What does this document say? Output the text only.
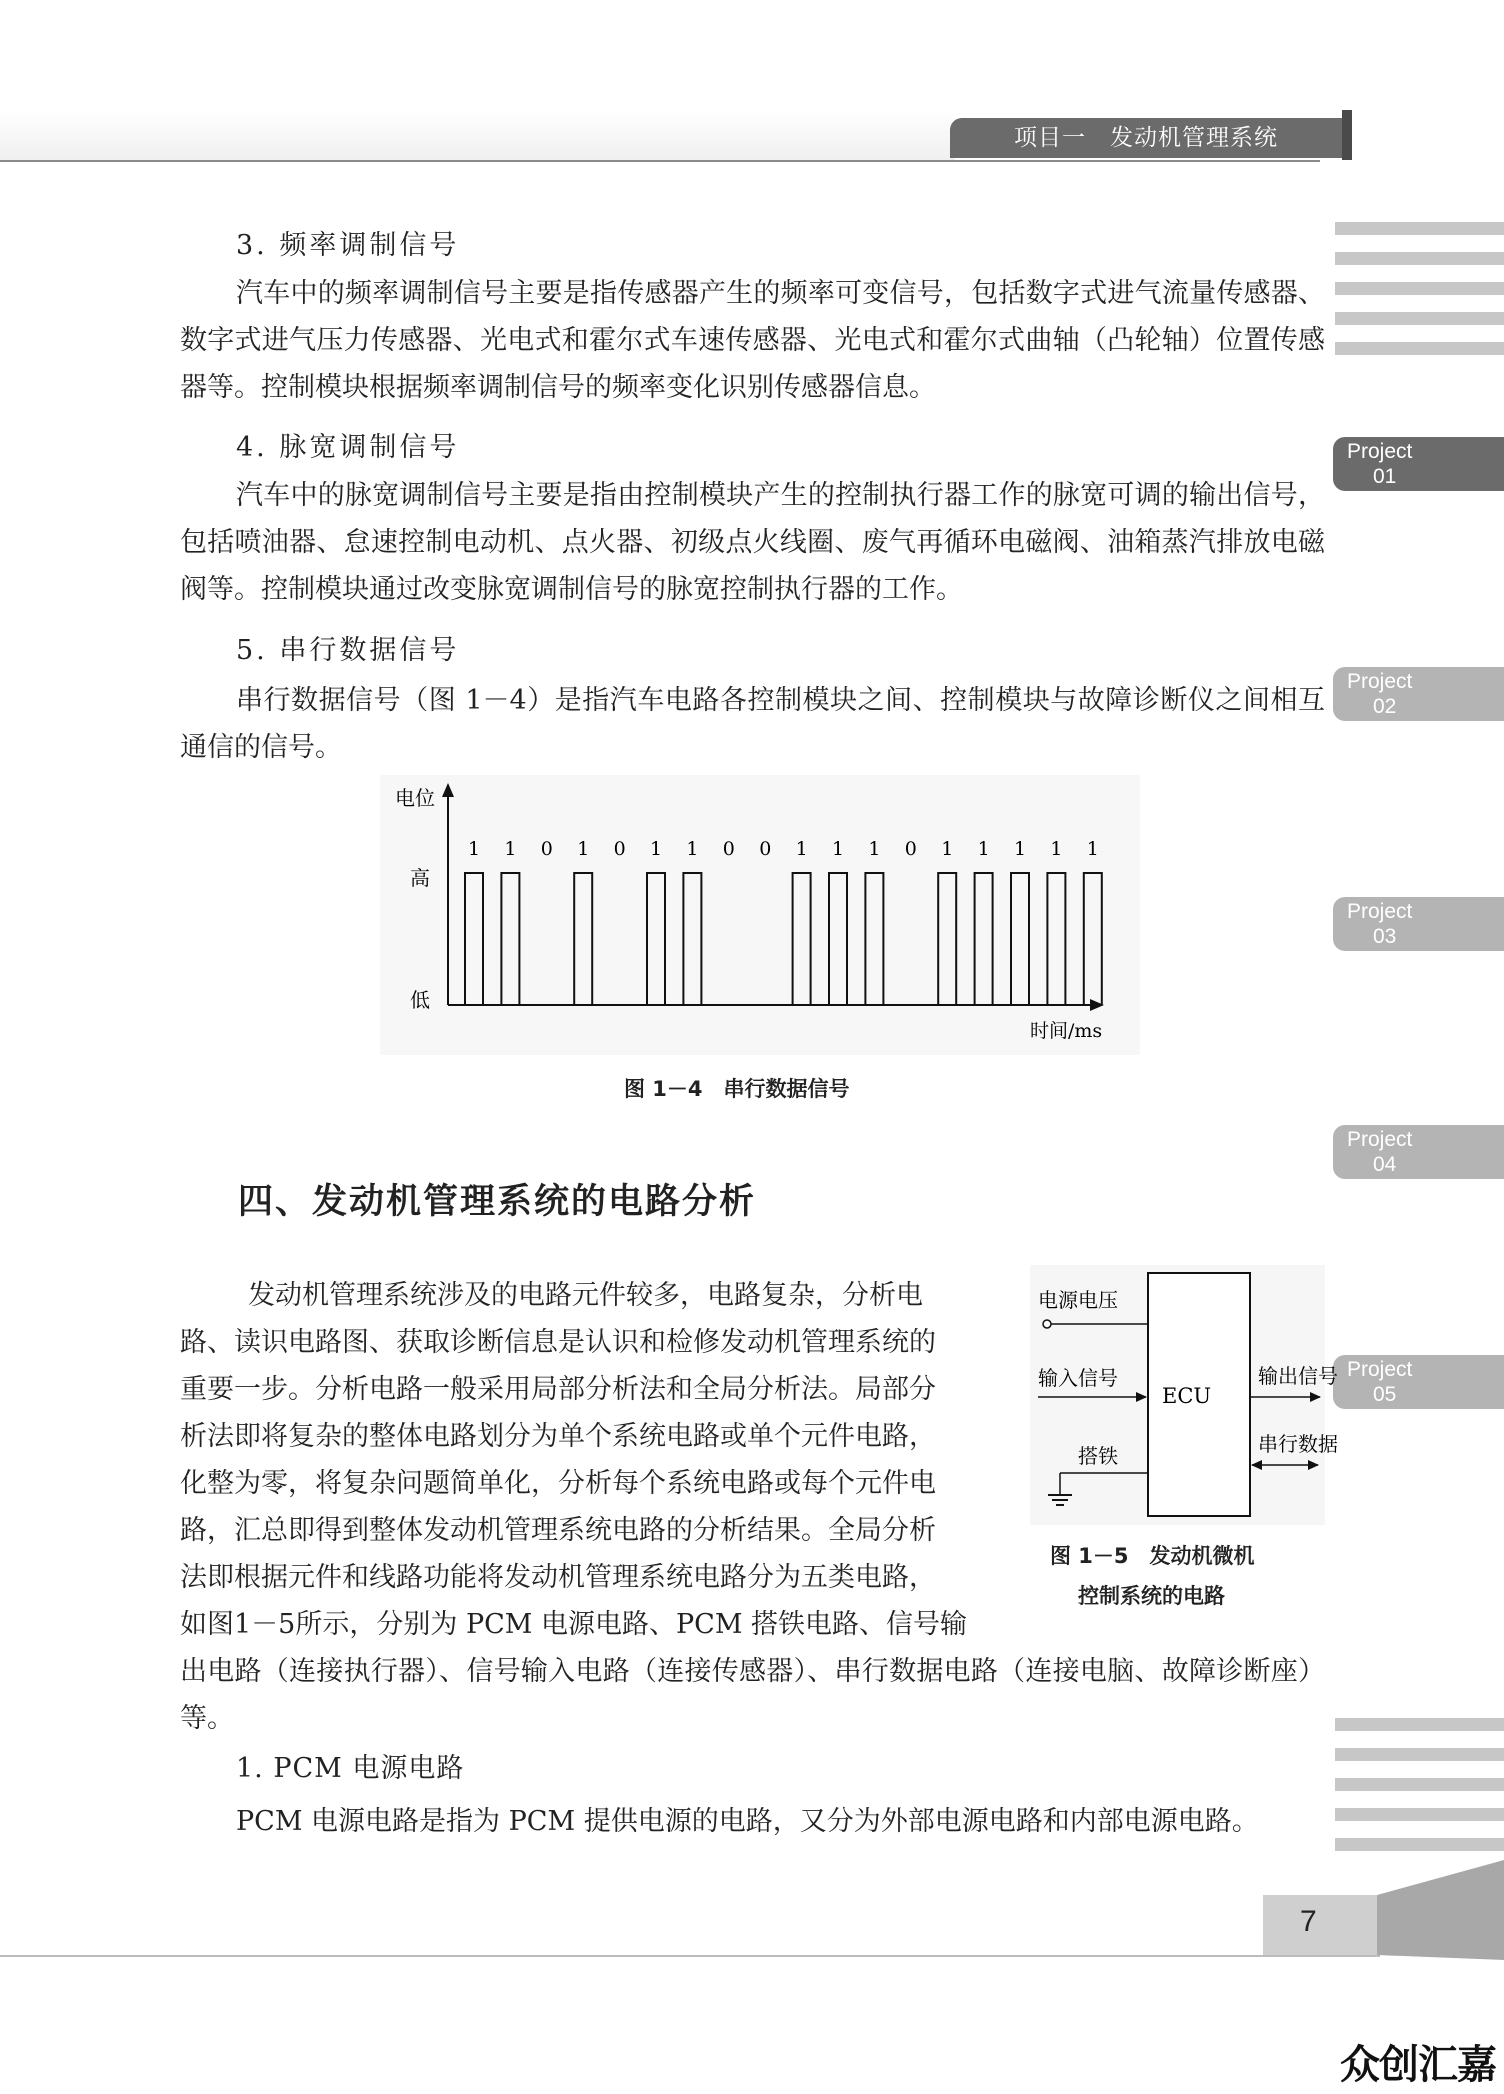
项目一　发动机管理系统
Project
01
Project
02
Project
03
Project
04
Project
05
3. 频率调制信号

汽车中的频率调制信号主要是指传感器产生的频率可变信号，包括数字式进气流量传感器、数字式进气压力传感器、光电式和霍尔式车速传感器、光电式和霍尔式曲轴（凸轮轴）位置传感器等。控制模块根据频率调制信号的频率变化识别传感器信息。

4. 脉宽调制信号

汽车中的脉宽调制信号主要是指由控制模块产生的控制执行器工作的脉宽可调的输出信号，包括喷油器、怠速控制电动机、点火器、初级点火线圈、废气再循环电磁阀、油箱蒸汽排放电磁阀等。控制模块通过改变脉宽调制信号的脉宽控制执行器的工作。

5. 串行数据信号

串行数据信号（图 1－4）是指汽车电路各控制模块之间、控制模块与故障诊断仪之间相互通信的信号。

电位
高
低
时间/ms
1 1 0 1 0 1 1 0 0 1 1 1 0 1 1 1 1 1
图 1－4　串行数据信号
四、发动机管理系统的电路分析
发动机管理系统涉及的电路元件较多，电路复杂，分析电
路、读识电路图、获取诊断信息是认识和检修发动机管理系统的
重要一步。分析电路一般采用局部分析法和全局分析法。局部分
析法即将复杂的整体电路划分为单个系统电路或单个元件电路，
化整为零，将复杂问题简单化，分析每个系统电路或每个元件电
路，汇总即得到整体发动机管理系统电路的分析结果。全局分析
法即根据元件和线路功能将发动机管理系统电路分为五类电路，
如图1－5所示，分别为 PCM 电源电路、PCM 搭铁电路、信号输

出电路（连接执行器）、信号输入电路（连接传感器）、串行数据电路（连接电脑、故障诊断座）等。

ECU
电源电压
输入信号
搭铁
输出信号
串行数据
图 1－5　发动机微机
控制系统的电路
1. PCM 电源电路

PCM 电源电路是指为 PCM 提供电源的电路，又分为外部电源电路和内部电源电路。

7
众创汇嘉
